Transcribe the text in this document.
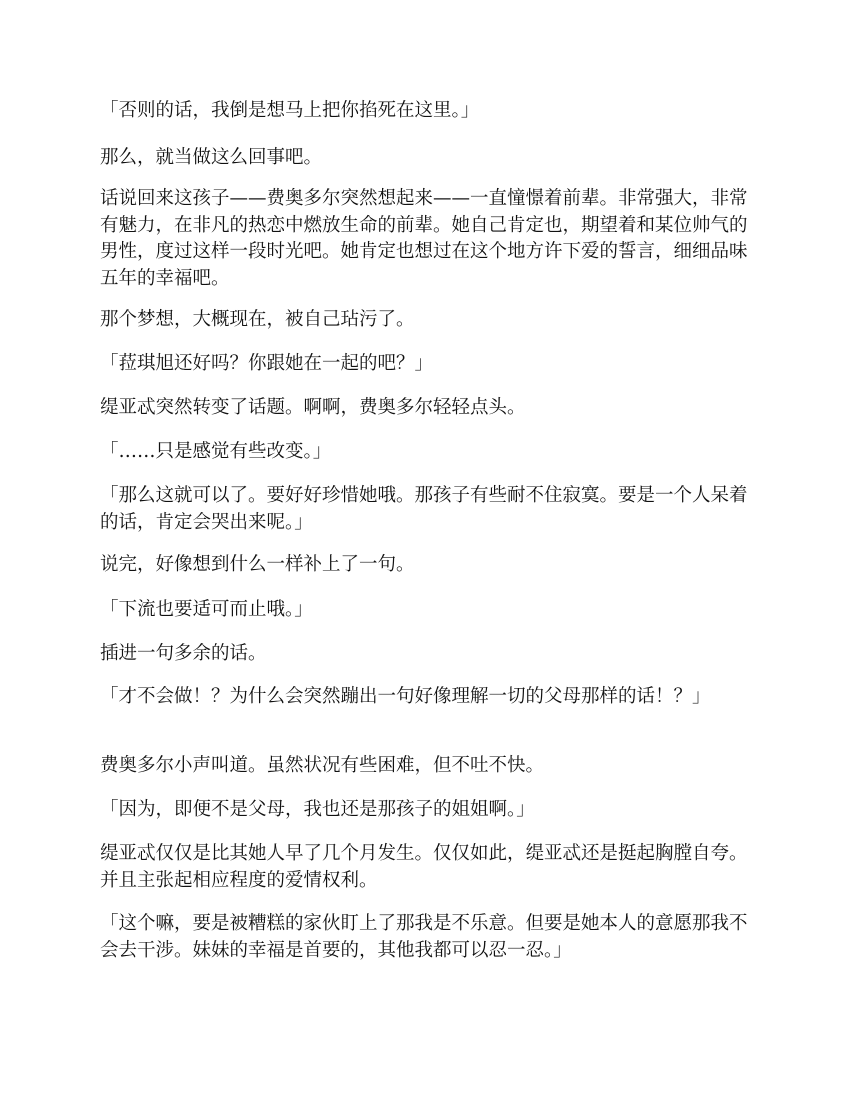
「否则的话，我倒是想马上把你掐死在这里。」

那么，就当做这么回事吧。

话说回来这孩子——费奥多尔突然想起来——一直憧憬着前辈。非常强大，非常有魅力，在非凡的热恋中燃放生命的前辈。她自己肯定也，期望着和某位帅气的男性，度过这样一段时光吧。她肯定也想过在这个地方许下爱的誓言，细细品味五年的幸福吧。

那个梦想，大概现在，被自己玷污了。

「菈琪旭还好吗？你跟她在一起的吧？」

缇亚忒突然转变了话题。啊啊，费奥多尔轻轻点头。

「……只是感觉有些改变。」

「那么这就可以了。要好好珍惜她哦。那孩子有些耐不住寂寞。要是一个人呆着的话，肯定会哭出来呢。」

说完，好像想到什么一样补上了一句。

「下流也要适可而止哦。」

插进一句多余的话。

「才不会做！？为什么会突然蹦出一句好像理解一切的父母那样的话！？」

费奥多尔小声叫道。虽然状况有些困难，但不吐不快。

「因为，即便不是父母，我也还是那孩子的姐姐啊。」

缇亚忒仅仅是比其她人早了几个月发生。仅仅如此，缇亚忒还是挺起胸膛自夸。并且主张起相应程度的爱情权利。

「这个嘛，要是被糟糕的家伙盯上了那我是不乐意。但要是她本人的意愿那我不会去干涉。妹妹的幸福是首要的，其他我都可以忍一忍。」
